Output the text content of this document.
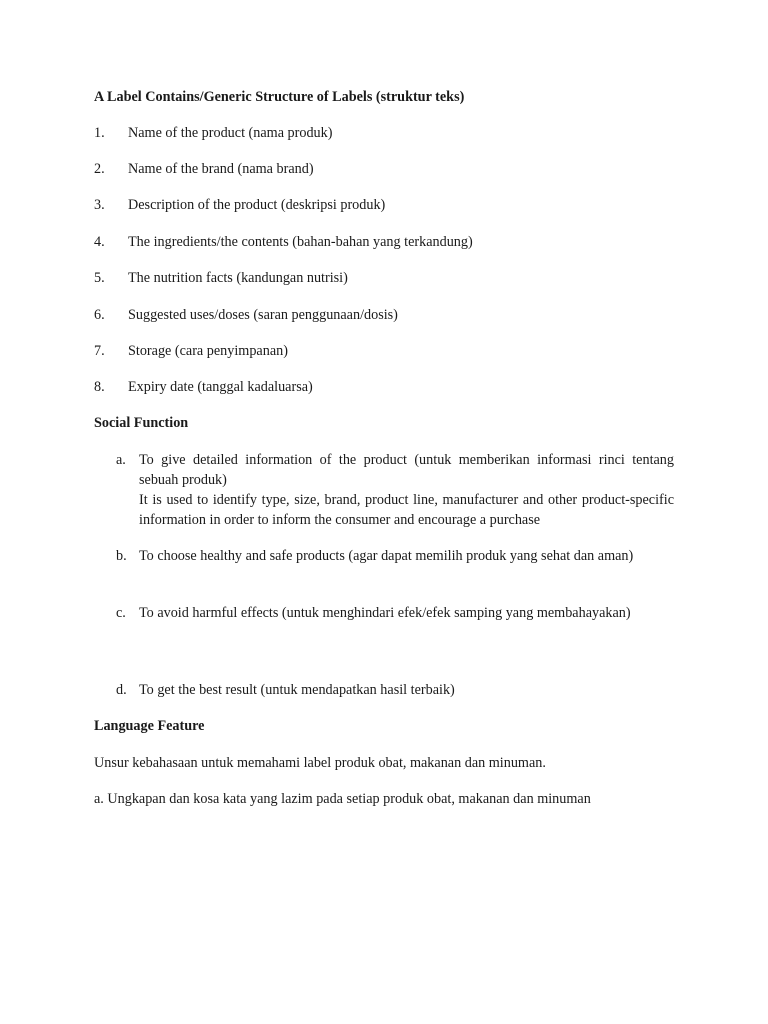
A Label Contains/Generic Structure of Labels (struktur teks)
1. Name of the product (nama produk)
2. Name of the brand (nama brand)
3. Description of the product (deskripsi produk)
4. The ingredients/the contents (bahan-bahan yang terkandung)
5. The nutrition facts (kandungan nutrisi)
6. Suggested uses/doses (saran penggunaan/dosis)
7. Storage (cara penyimpanan)
8. Expiry date (tanggal kadaluarsa)
Social Function
a. To give detailed information of the product (untuk memberikan informasi rinci tentang sebuah produk)

It is used to identify type, size, brand, product line, manufacturer and other product-specific information in order to inform the consumer and encourage a purchase

b. To choose healthy and safe products (agar dapat memilih produk yang sehat dan aman)

c. To avoid harmful effects (untuk menghindari efek/efek samping yang membahayakan)

d. To get the best result (untuk mendapatkan hasil terbaik)

Language Feature
Unsur kebahasaan untuk memahami label produk obat, makanan dan minuman.
a. Ungkapan dan kosa kata yang lazim pada setiap produk obat, makanan dan minuman
